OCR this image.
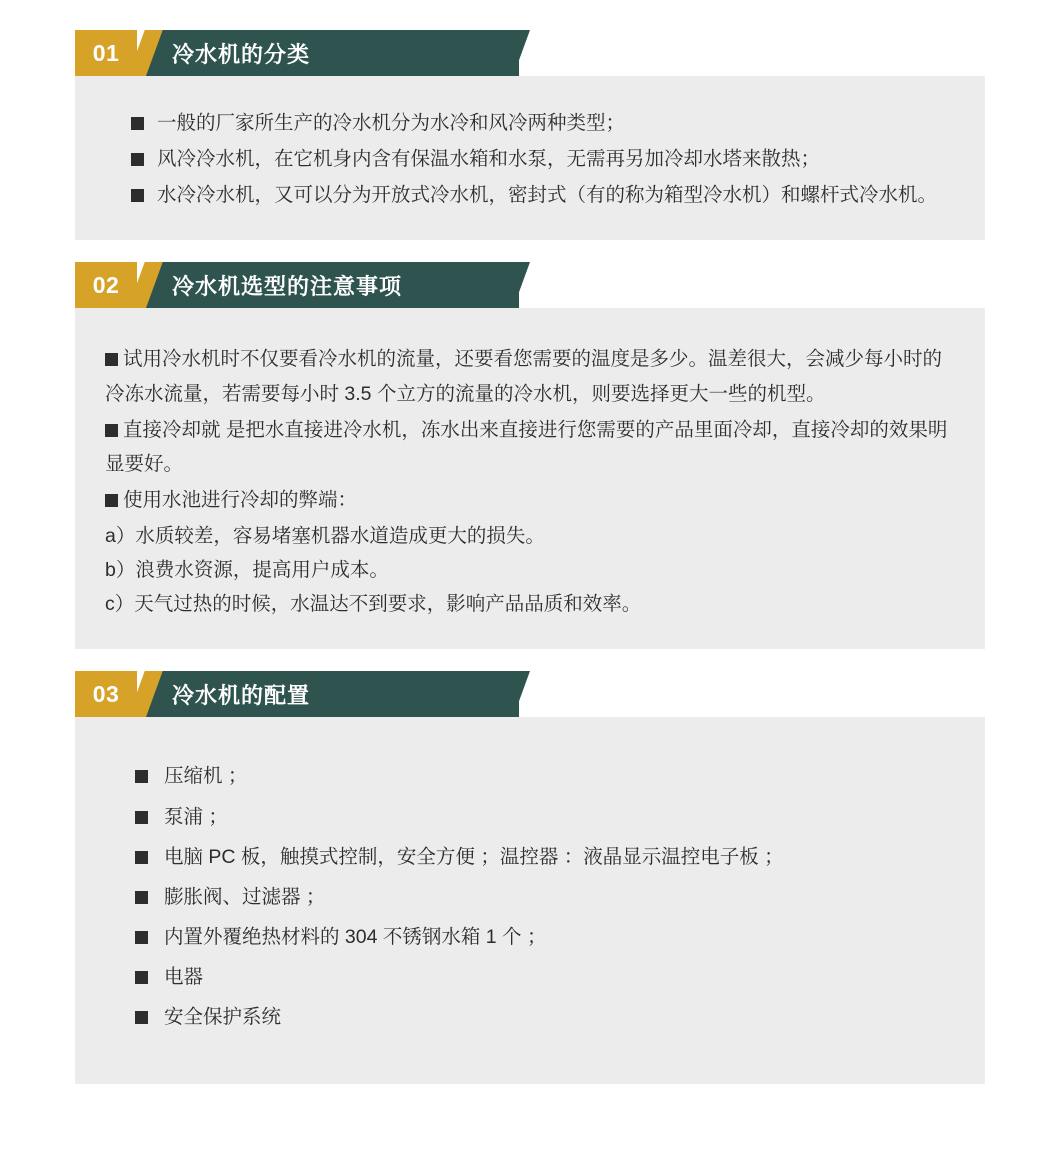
01	冷水机的分类
一般的厂家所生产的冷水机分为水冷和风冷两种类型；
风冷冷水机，在它机身内含有保温水箱和水泵，无需再另加冷却水塔来散热；
水冷冷水机，又可以分为开放式冷水机，密封式（有的称为箱型冷水机）和螺杆式冷水机。
02	冷水机选型的注意事项

试用冷水机时不仅要看冷水机的流量，还要看您需要的温度是多少。温差很大，会减少每小时的冷冻水流量，若需要每小时 3.5 个立方的流量的冷水机，则要选择更大一些的机型。

直接冷却就 是把水直接进冷水机，冻水出来直接进行您需要的产品里面冷却，直接冷却的效果明显要好。

使用水池进行冷却的弊端：

a）水质较差，容易堵塞机器水道造成更大的损失。

b）浪费水资源，提高用户成本。

c）天气过热的时候，水温达不到要求，影响产品品质和效率。

03	冷水机的配置
压缩机 ；
泵浦 ；
电脑 PC 板，触摸式控制，安全方便 ；温控器 ：液晶显示温控电子板 ；
膨胀阀、过滤器 ；
内置外覆绝热材料的 304 不锈钢水箱 1 个 ；
电器
安全保护系统
